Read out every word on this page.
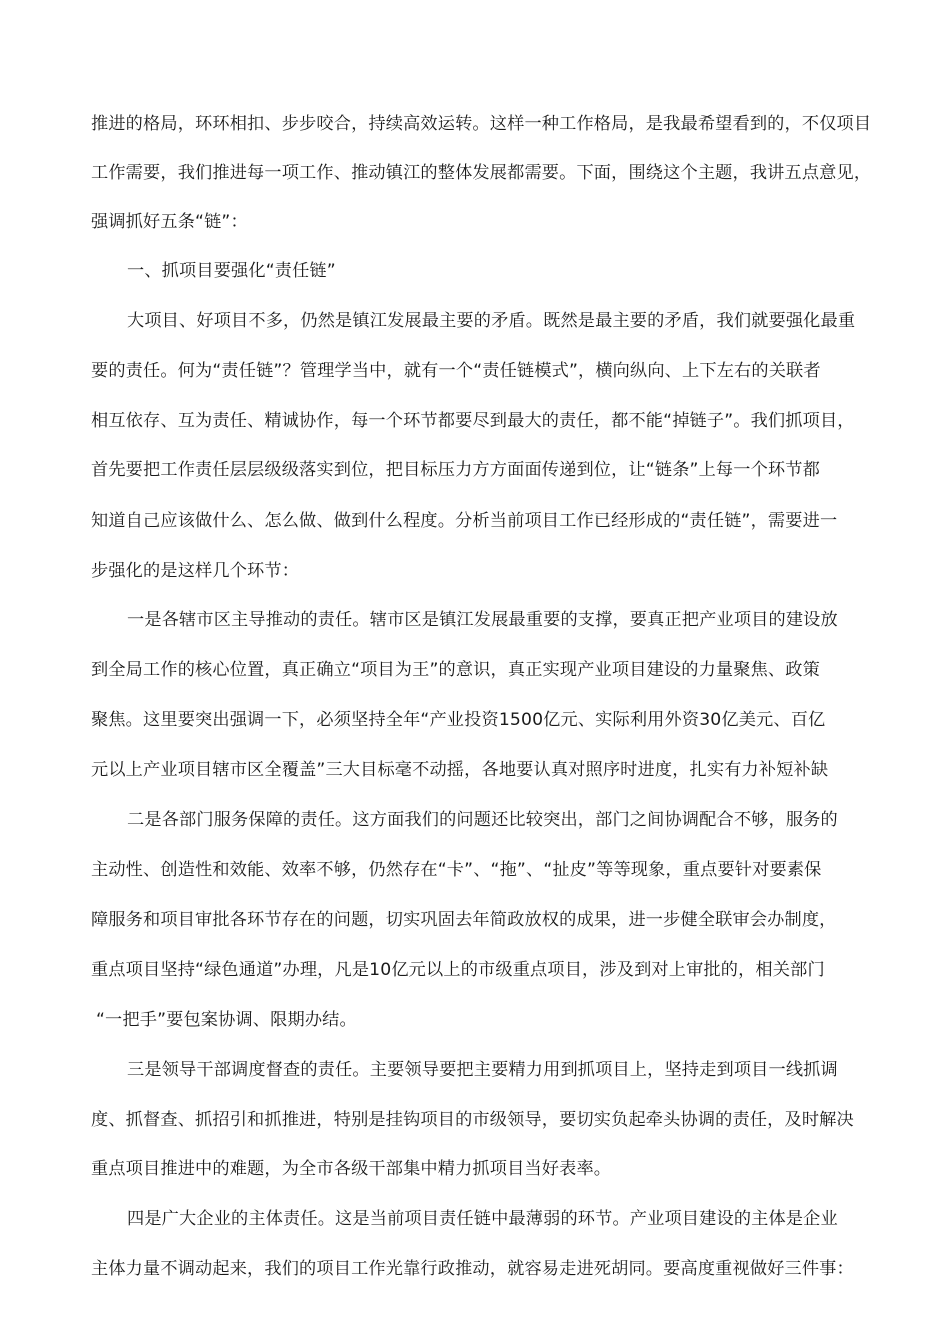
推进的格局，环环相扣、步步咬合，持续高效运转。这样一种工作格局，是我最希望看到的，不仅项目

工作需要，我们推进每一项工作、推动镇江的整体发展都需要。下面，围绕这个主题，我讲五点意见，

强调抓好五条“链”：

一、抓项目要强化“责任链”

大项目、好项目不多，仍然是镇江发展最主要的矛盾。既然是最主要的矛盾，我们就要强化最重

要的责任。何为“责任链”？管理学当中，就有一个“责任链模式”，横向纵向、上下左右的关联者

相互依存、互为责任、精诚协作，每一个环节都要尽到最大的责任，都不能“掉链子”。我们抓项目，

首先要把工作责任层层级级落实到位，把目标压力方方面面传递到位，让“链条”上每一个环节都

知道自己应该做什么、怎么做、做到什么程度。分析当前项目工作已经形成的“责任链”，需要进一

步强化的是这样几个环节：

一是各辖市区主导推动的责任。辖市区是镇江发展最重要的支撑，要真正把产业项目的建设放

到全局工作的核心位置，真正确立“项目为王”的意识，真正实现产业项目建设的力量聚焦、政策

聚焦。这里要突出强调一下，必须坚持全年“产业投资1500亿元、实际利用外资30亿美元、百亿

元以上产业项目辖市区全覆盖”三大目标毫不动摇，各地要认真对照序时进度，扎实有力补短补缺

二是各部门服务保障的责任。这方面我们的问题还比较突出，部门之间协调配合不够，服务的

主动性、创造性和效能、效率不够，仍然存在“卡”、“拖”、“扯皮”等等现象，重点要针对要素保

障服务和项目审批各环节存在的问题，切实巩固去年简政放权的成果，进一步健全联审会办制度，

重点项目坚持“绿色通道”办理，凡是10亿元以上的市级重点项目，涉及到对上审批的，相关部门

“一把手”要包案协调、限期办结。

三是领导干部调度督查的责任。主要领导要把主要精力用到抓项目上，坚持走到项目一线抓调

度、抓督查、抓招引和抓推进，特别是挂钩项目的市级领导，要切实负起牵头协调的责任，及时解决

重点项目推进中的难题，为全市各级干部集中精力抓项目当好表率。

四是广大企业的主体责任。这是当前项目责任链中最薄弱的环节。产业项目建设的主体是企业

主体力量不调动起来，我们的项目工作光靠行政推动，就容易走进死胡同。要高度重视做好三件事：
